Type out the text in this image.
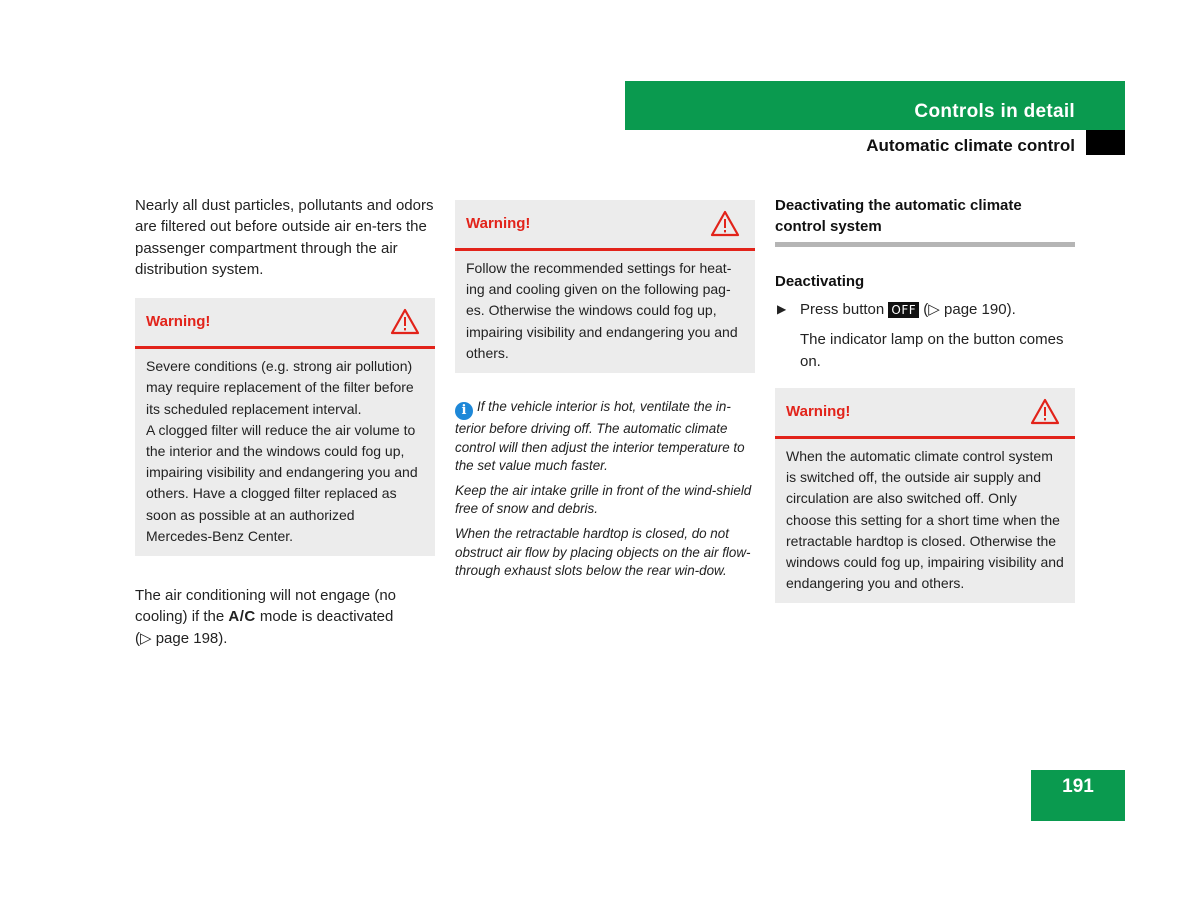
Controls in detail
Automatic climate control

Nearly all dust particles, pollutants and odors are filtered out before outside air en-ters the passenger compartment through the air distribution system.

Warning!

Severe conditions (e.g. strong air pollution) may require replacement of the filter before its scheduled replacement interval.

A clogged filter will reduce the air volume to the interior and the windows could fog up, impairing visibility and endangering you and others. Have a clogged filter replaced as soon as possible at an authorized Mercedes-Benz Center.

The air conditioning will not engage (no cooling) if the A/C mode is deactivated
(▷ page 198).

Warning!

Follow the recommended settings for heat-ing and cooling given on the following pag-es. Otherwise the windows could fog up, impairing visibility and endangering you and others.

i If the vehicle interior is hot, ventilate the in-terior before driving off. The automatic climate control will then adjust the interior temperature to the set value much faster.

Keep the air intake grille in front of the wind-shield free of snow and debris.

When the retractable hardtop is closed, do not obstruct air flow by placing objects on the air flow-through exhaust slots below the rear win-dow.

Deactivating the automatic climate control system
Deactivating
▶ Press button OFF (▷ page 190).
The indicator lamp on the button comes on.
Warning!

When the automatic climate control system is switched off, the outside air supply and circulation are also switched off. Only choose this setting for a short time when the retractable hardtop is closed. Otherwise the windows could fog up, impairing visibility and endangering you and others.

191
